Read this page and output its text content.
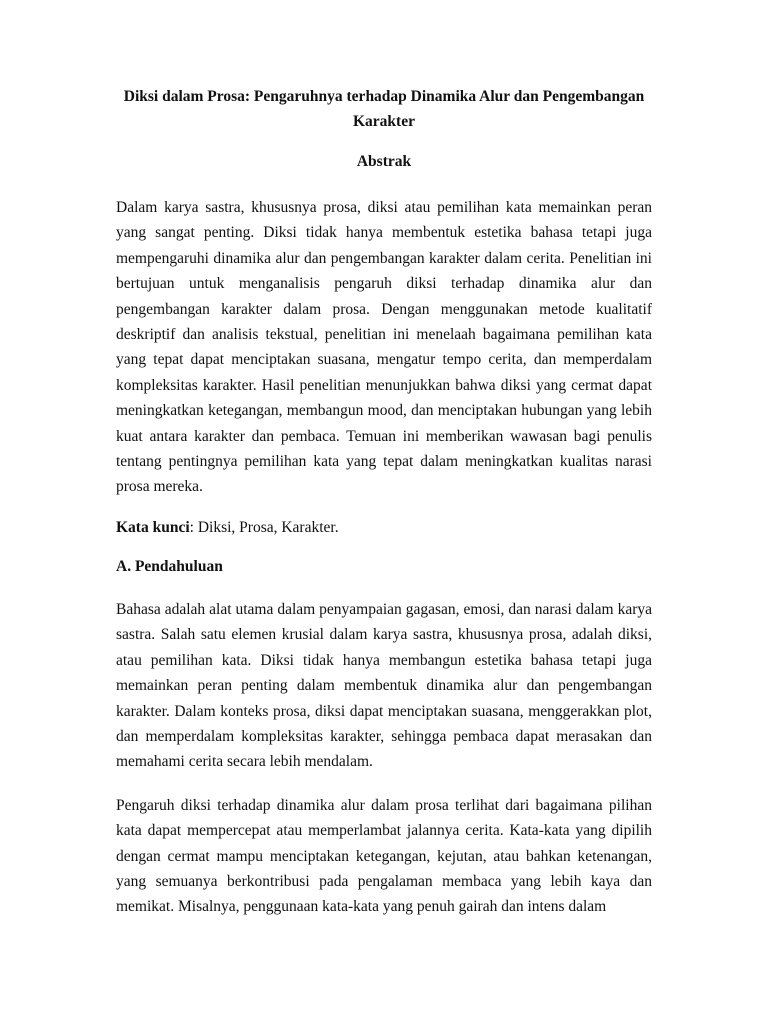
Diksi dalam Prosa: Pengaruhnya terhadap Dinamika Alur dan Pengembangan Karakter
Abstrak

Dalam karya sastra, khususnya prosa, diksi atau pemilihan kata memainkan peran yang sangat penting. Diksi tidak hanya membentuk estetika bahasa tetapi juga mempengaruhi dinamika alur dan pengembangan karakter dalam cerita. Penelitian ini bertujuan untuk menganalisis pengaruh diksi terhadap dinamika alur dan pengembangan karakter dalam prosa. Dengan menggunakan metode kualitatif deskriptif dan analisis tekstual, penelitian ini menelaah bagaimana pemilihan kata yang tepat dapat menciptakan suasana, mengatur tempo cerita, dan memperdalam kompleksitas karakter. Hasil penelitian menunjukkan bahwa diksi yang cermat dapat meningkatkan ketegangan, membangun mood, dan menciptakan hubungan yang lebih kuat antara karakter dan pembaca. Temuan ini memberikan wawasan bagi penulis tentang pentingnya pemilihan kata yang tepat dalam meningkatkan kualitas narasi prosa mereka.

Kata kunci: Diksi, Prosa, Karakter.
A. Pendahuluan

Bahasa adalah alat utama dalam penyampaian gagasan, emosi, dan narasi dalam karya sastra. Salah satu elemen krusial dalam karya sastra, khususnya prosa, adalah diksi, atau pemilihan kata. Diksi tidak hanya membangun estetika bahasa tetapi juga memainkan peran penting dalam membentuk dinamika alur dan pengembangan karakter. Dalam konteks prosa, diksi dapat menciptakan suasana, menggerakkan plot, dan memperdalam kompleksitas karakter, sehingga pembaca dapat merasakan dan memahami cerita secara lebih mendalam.

Pengaruh diksi terhadap dinamika alur dalam prosa terlihat dari bagaimana pilihan kata dapat mempercepat atau memperlambat jalannya cerita. Kata-kata yang dipilih dengan cermat mampu menciptakan ketegangan, kejutan, atau bahkan ketenangan, yang semuanya berkontribusi pada pengalaman membaca yang lebih kaya dan memikat. Misalnya, penggunaan kata-kata yang penuh gairah dan intens dalam
